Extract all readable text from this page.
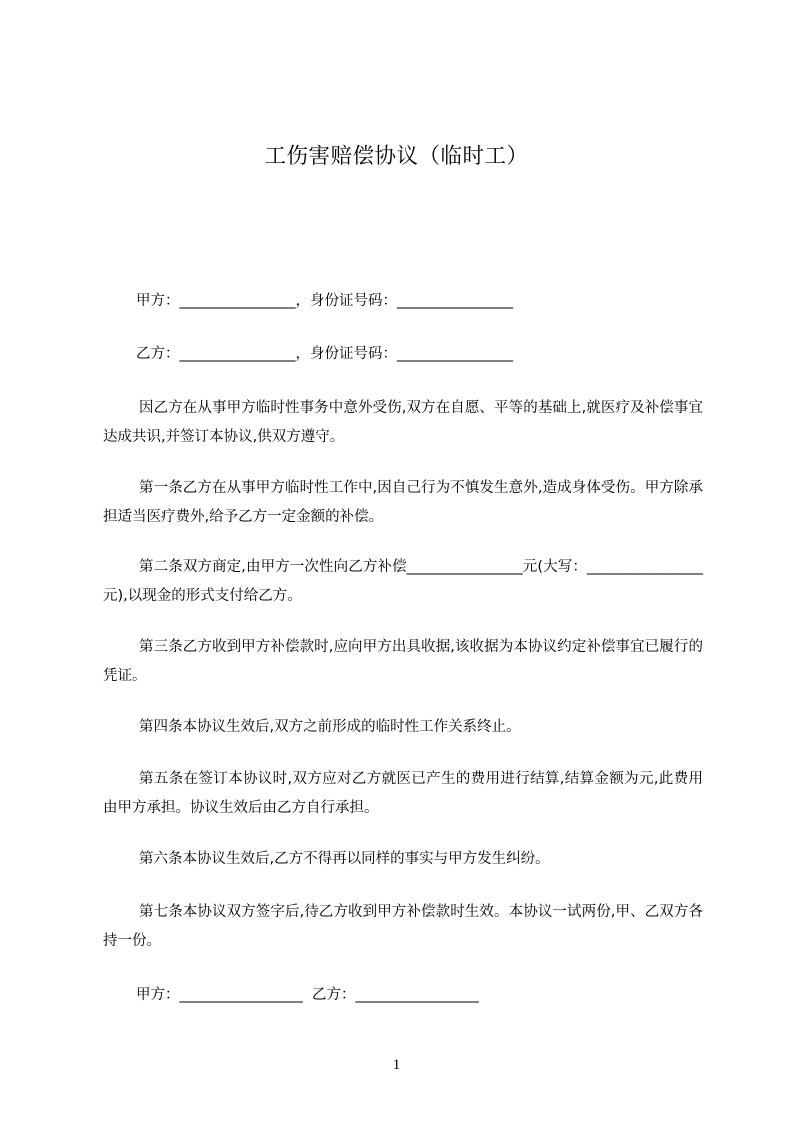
工伤害赔偿协议（临时工）
甲方：________________，身份证号码：________________
乙方：________________，身份证号码：________________
因乙方在从事甲方临时性事务中意外受伤,双方在自愿、平等的基础上,就医疗及补偿事宜达成共识,并签订本协议,供双方遵守。
第一条乙方在从事甲方临时性工作中,因自己行为不慎发生意外,造成身体受伤。甲方除承担适当医疗费外,给予乙方一定金额的补偿。
第二条双方商定,由甲方一次性向乙方补偿________________元(大写：________________元),以现金的形式支付给乙方。
第三条乙方收到甲方补偿款时,应向甲方出具收据,该收据为本协议约定补偿事宜已履行的凭证。
第四条本协议生效后,双方之前形成的临时性工作关系终止。
第五条在签订本协议时,双方应对乙方就医已产生的费用进行结算,结算金额为元,此费用由甲方承担。协议生效后由乙方自行承担。
第六条本协议生效后,乙方不得再以同样的事实与甲方发生纠纷。
第七条本协议双方签字后,待乙方收到甲方补偿款时生效。本协议一试两份,甲、乙双方各持一份。
甲方：_________________  乙方：_________________
1
